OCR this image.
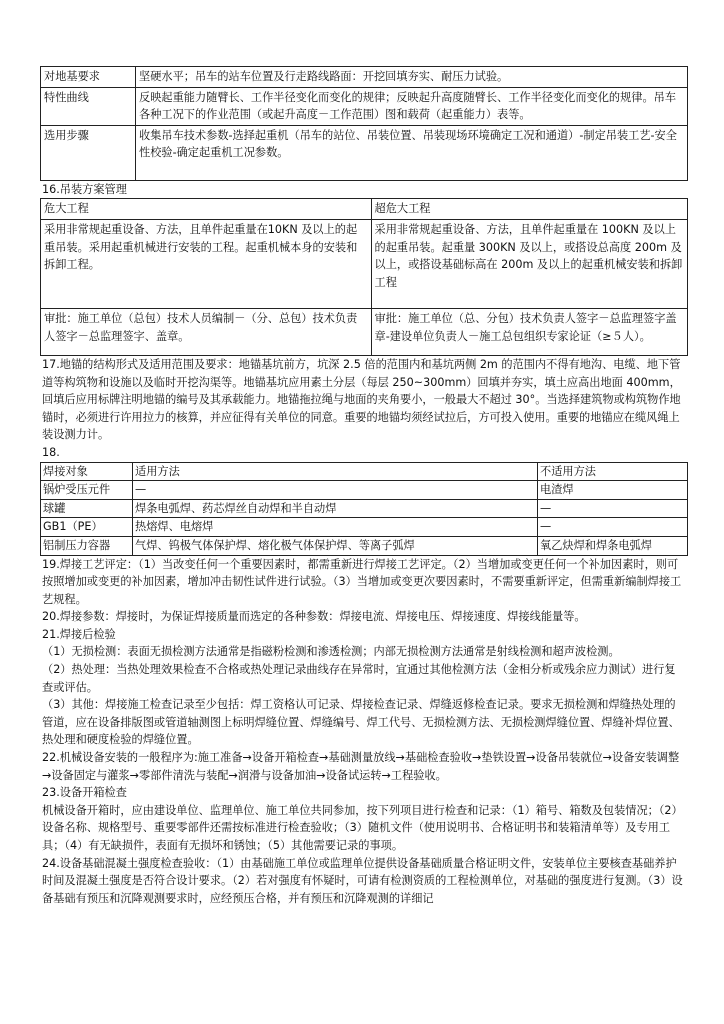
对地基要求	坚硬水平；吊车的站车位置及行走路线路面：开挖回填夯实、耐压力试验。
特性曲线	反映起重能力随臂长、工作半径变化而变化的规律；反映起升高度随臂长、工作半径变化而变化的规律。吊车各种工况下的作业范围（或起升高度－工作范围）图和载荷（起重能力）表等。
选用步骤	收集吊车技术参数-选择起重机（吊车的站位、吊装位置、吊装现场环境确定工况和通道）-制定吊装工艺-安全性校验-确定起重机工况参数。

16.吊装方案管理

危大工程	超危大工程
采用非常规起重设备、方法，且单件起重量在10KN 及以上的起重吊装。采用起重机械进行安装的工程。起重机械本身的安装和拆卸工程。	采用非常规起重设备、方法，且单件起重量在 100KN 及以上的起重吊装。起重量 300KN 及以上，或搭设总高度 200m 及以上，或搭设基础标高在 200m 及以上的起重机械安装和拆卸工程
审批：施工单位（总包）技术人员编制－（分、总包）技术负责人签字－总监理签字、盖章。	审批：施工单位（总、分包）技术负责人签字－总监理签字盖章-建设单位负责人－施工总包组织专家论证（≥５人）。

17.地锚的结构形式及适用范围及要求：地锚基坑前方，坑深 2.5 倍的范围内和基坑两侧 2m 的范围内不得有地沟、电缆、地下管道等构筑物和设施以及临时开挖沟渠等。地锚基坑应用素土分层（每层 250~300mm）回填并夯实，填土应高出地面 400mm，回填后应用标牌注明地锚的编号及其承载能力。地锚拖拉绳与地面的夹角要小，一般最大不超过 30°。当选择建筑物或构筑物作地锚时，必须进行许用拉力的核算，并应征得有关单位的同意。重要的地锚均须经试拉后，方可投入使用。重要的地锚应在缆风绳上装设测力计。

18.

焊接对象	适用方法	不适用方法
锅炉受压元件	—	电渣焊
球罐	焊条电弧焊、药芯焊丝自动焊和半自动焊	—
GB1（PE）	热熔焊、电熔焊	—
铝制压力容器	气焊、钨极气体保护焊、熔化极气体保护焊、等离子弧焊	氧乙炔焊和焊条电弧焊

19.焊接工艺评定：（1）当改变任何一个重要因素时，都需重新进行焊接工艺评定。（2）当增加或变更任何一个补加因素时，则可按照增加或变更的补加因素，增加冲击韧性试件进行试验。（3）当增加或变更次要因素时，不需要重新评定，但需重新编制焊接工艺规程。

20.焊接参数：焊接时，为保证焊接质量而选定的各种参数：焊接电流、焊接电压、焊接速度、焊接线能量等。

21.焊接后检验

（1）无损检测：表面无损检测方法通常是指磁粉检测和渗透检测；内部无损检测方法通常是射线检测和超声波检测。

（2）热处理：当热处理效果检查不合格或热处理记录曲线存在异常时，宜通过其他检测方法（金相分析或残余应力测试）进行复查或评估。

（3）其他：焊接施工检查记录至少包括：焊工资格认可记录、焊接检查记录、焊缝返修检查记录。要求无损检测和焊缝热处理的管道，应在设备排版图或管道轴测图上标明焊缝位置、焊缝编号、焊工代号、无损检测方法、无损检测焊缝位置、焊缝补焊位置、热处理和硬度检验的焊缝位置。

22.机械设备安装的一般程序为:施工准备→设备开箱检查→基础测量放线→基础检查验收→垫铁设置→设备吊装就位→设备安装调整→设备固定与灌浆→零部件清洗与装配→润滑与设备加油→设备试运转→工程验收。

23.设备开箱检查

机械设备开箱时，应由建设单位、监理单位、施工单位共同参加，按下列项目进行检查和记录：（1）箱号、箱数及包装情况；（2）设备名称、规格型号、重要零部件还需按标准进行检查验收；（3）随机文件（使用说明书、合格证明书和装箱清单等）及专用工具；（4）有无缺损件，表面有无损坏和锈蚀；（5）其他需要记录的事项。

24.设备基础混凝土强度检查验收：（1）由基础施工单位或监理单位提供设备基础质量合格证明文件，安装单位主要核查基础养护时间及混凝土强度是否符合设计要求。（2）若对强度有怀疑时，可请有检测资质的工程检测单位，对基础的强度进行复测。（3）设备基础有预压和沉降观测要求时，应经预压合格，并有预压和沉降观测的详细记
